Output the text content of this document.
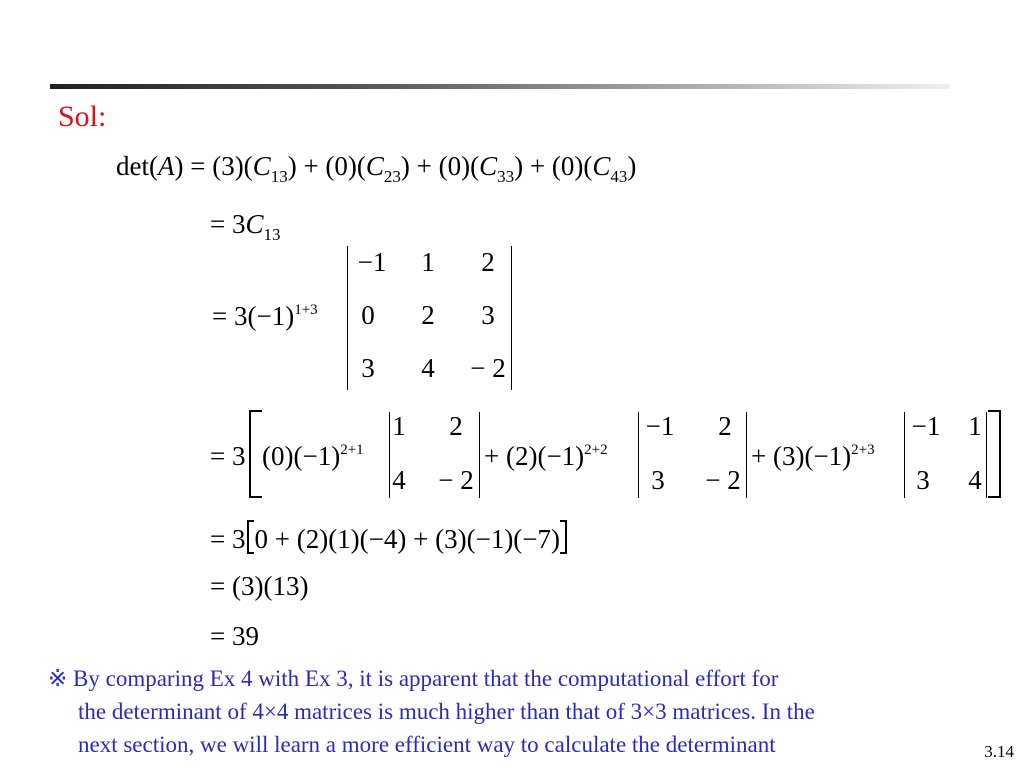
Sol:
$\det(A) = (3)(C_{13}) + (0)(C_{23}) + (0)(C_{33}) + (0)(C_{43})$
= $3C_{13}$
= $3(-1)^{1+3}$
−1	1	2
0	2	3
3	4	− 2
= 3 $(0)(-1)^{2+1}$
1	2
4	− 2
+ $(2)(-1)^{2+2}$
−1	2
3	− 2
+ $(3)(-1)^{2+3}$
−1	1
3	4
= 3 0 + (2)(1)(−4) + (3)(−1)(−7)
= (3)(13)
= 39
※ By comparing Ex 4 with Ex 3, it is apparent that the computational effort for
the determinant of 4×4 matrices is much higher than that of 3×3 matrices. In the
next section, we will learn a more efficient way to calculate the determinant	3.14
